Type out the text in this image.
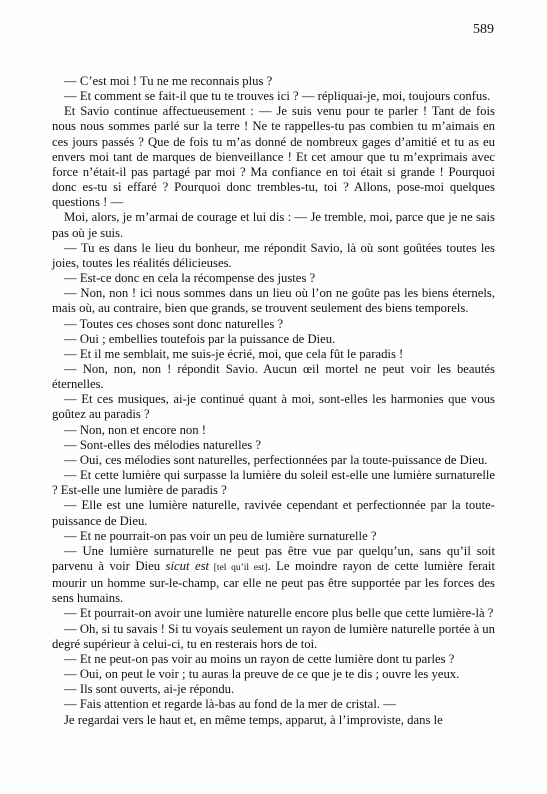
589

— C’est moi ! Tu ne me reconnais plus ?

— Et comment se fait-il que tu te trouves ici ? — répliquai-je, moi, toujours confus.

Et Savio continue affectueusement : — Je suis venu pour te parler ! Tant de fois nous nous sommes parlé sur la terre ! Ne te rappelles-tu pas combien tu m’aimais en ces jours passés ? Que de fois tu m’as donné de nombreux gages d’amitié et tu as eu envers moi tant de marques de bienveillance ! Et cet amour que tu m’exprimais avec force n’était-il pas partagé par moi ? Ma confiance en toi était si grande ! Pourquoi donc es-tu si effaré ? Pourquoi donc trembles-tu, toi ? Allons, pose-moi quelques questions ! —

Moi, alors, je m’armai de courage et lui dis : — Je tremble, moi, parce que je ne sais pas où je suis.

— Tu es dans le lieu du bonheur, me répondit Savio, là où sont goûtées toutes les joies, toutes les réalités délicieuses.

— Est-ce donc en cela la récompense des justes ?

— Non, non ! ici nous sommes dans un lieu où l’on ne goûte pas les biens éternels, mais où, au contraire, bien que grands, se trouvent seulement des biens temporels.

— Toutes ces choses sont donc naturelles ?

— Oui ; embellies toutefois par la puissance de Dieu.

— Et il me semblait, me suis-je écrié, moi, que cela fût le paradis !

— Non, non, non ! répondit Savio. Aucun œil mortel ne peut voir les beautés éternelles.

— Et ces musiques, ai-je continué quant à moi, sont-elles les harmonies que vous goûtez au paradis ?

— Non, non et encore non !

— Sont-elles des mélodies naturelles ?

— Oui, ces mélodies sont naturelles, perfectionnées par la toute-puissance de Dieu.

— Et cette lumière qui surpasse la lumière du soleil est-elle une lumière surnaturelle ? Est-elle une lumière de paradis ?

— Elle est une lumière naturelle, ravivée cependant et perfectionnée par la toute-puissance de Dieu.

— Et ne pourrait-on pas voir un peu de lumière surnaturelle ?

— Une lumière surnaturelle ne peut pas être vue par quelqu’un, sans qu’il soit parvenu à voir Dieu sicut est [tel qu’il est]. Le moindre rayon de cette lumière ferait mourir un homme sur-le-champ, car elle ne peut pas être supportée par les forces des sens humains.

— Et pourrait-on avoir une lumière naturelle encore plus belle que cette lumière-là ?

— Oh, si tu savais ! Si tu voyais seulement un rayon de lumière naturelle portée à un degré supérieur à celui-ci, tu en resterais hors de toi.

— Et ne peut-on pas voir au moins un rayon de cette lumière dont tu parles ?

— Oui, on peut le voir ; tu auras la preuve de ce que je te dis ; ouvre les yeux.

— Ils sont ouverts, ai-je répondu.

— Fais attention et regarde là-bas au fond de la mer de cristal. —

Je regardai vers le haut et, en même temps, apparut, à l’improviste, dans le
